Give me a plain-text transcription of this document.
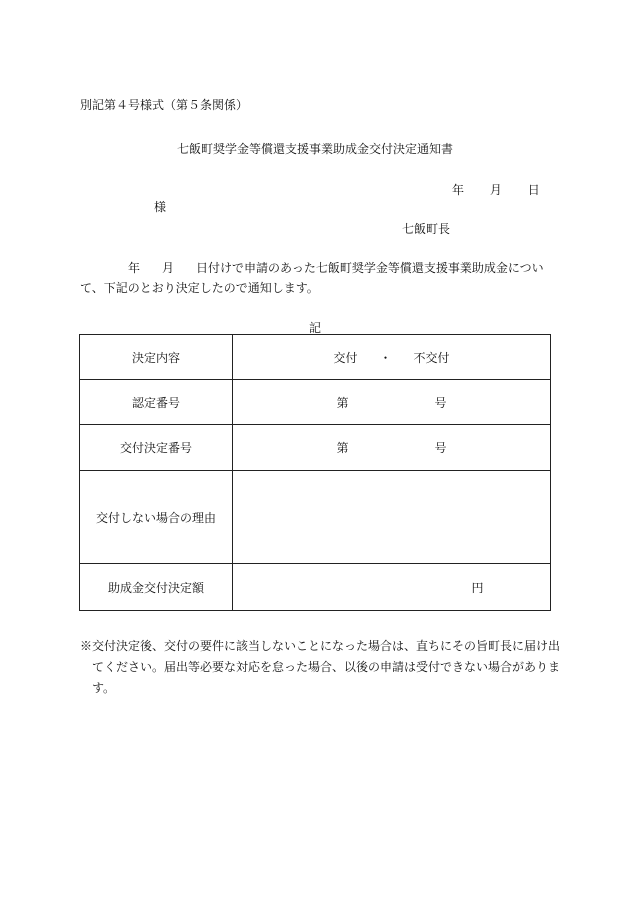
別記第４号様式（第５条関係）
七飯町奨学金等償還支援事業助成金交付決定通知書
年 月 日
様
七飯町長
年 月 日付けで申請のあった七飯町奨学金等償還支援事業助成金について、下記のとおり決定したので通知します。
記
決定内容	交付 ・ 不交付
認定番号	第 号
交付決定番号	第 号
交付しない場合の理由	
助成金交付決定額	円
※交付決定後、交付の要件に該当しないことになった場合は、直ちにその旨町長に届け出てください。届出等必要な対応を怠った場合、以後の申請は受付できない場合があります。
